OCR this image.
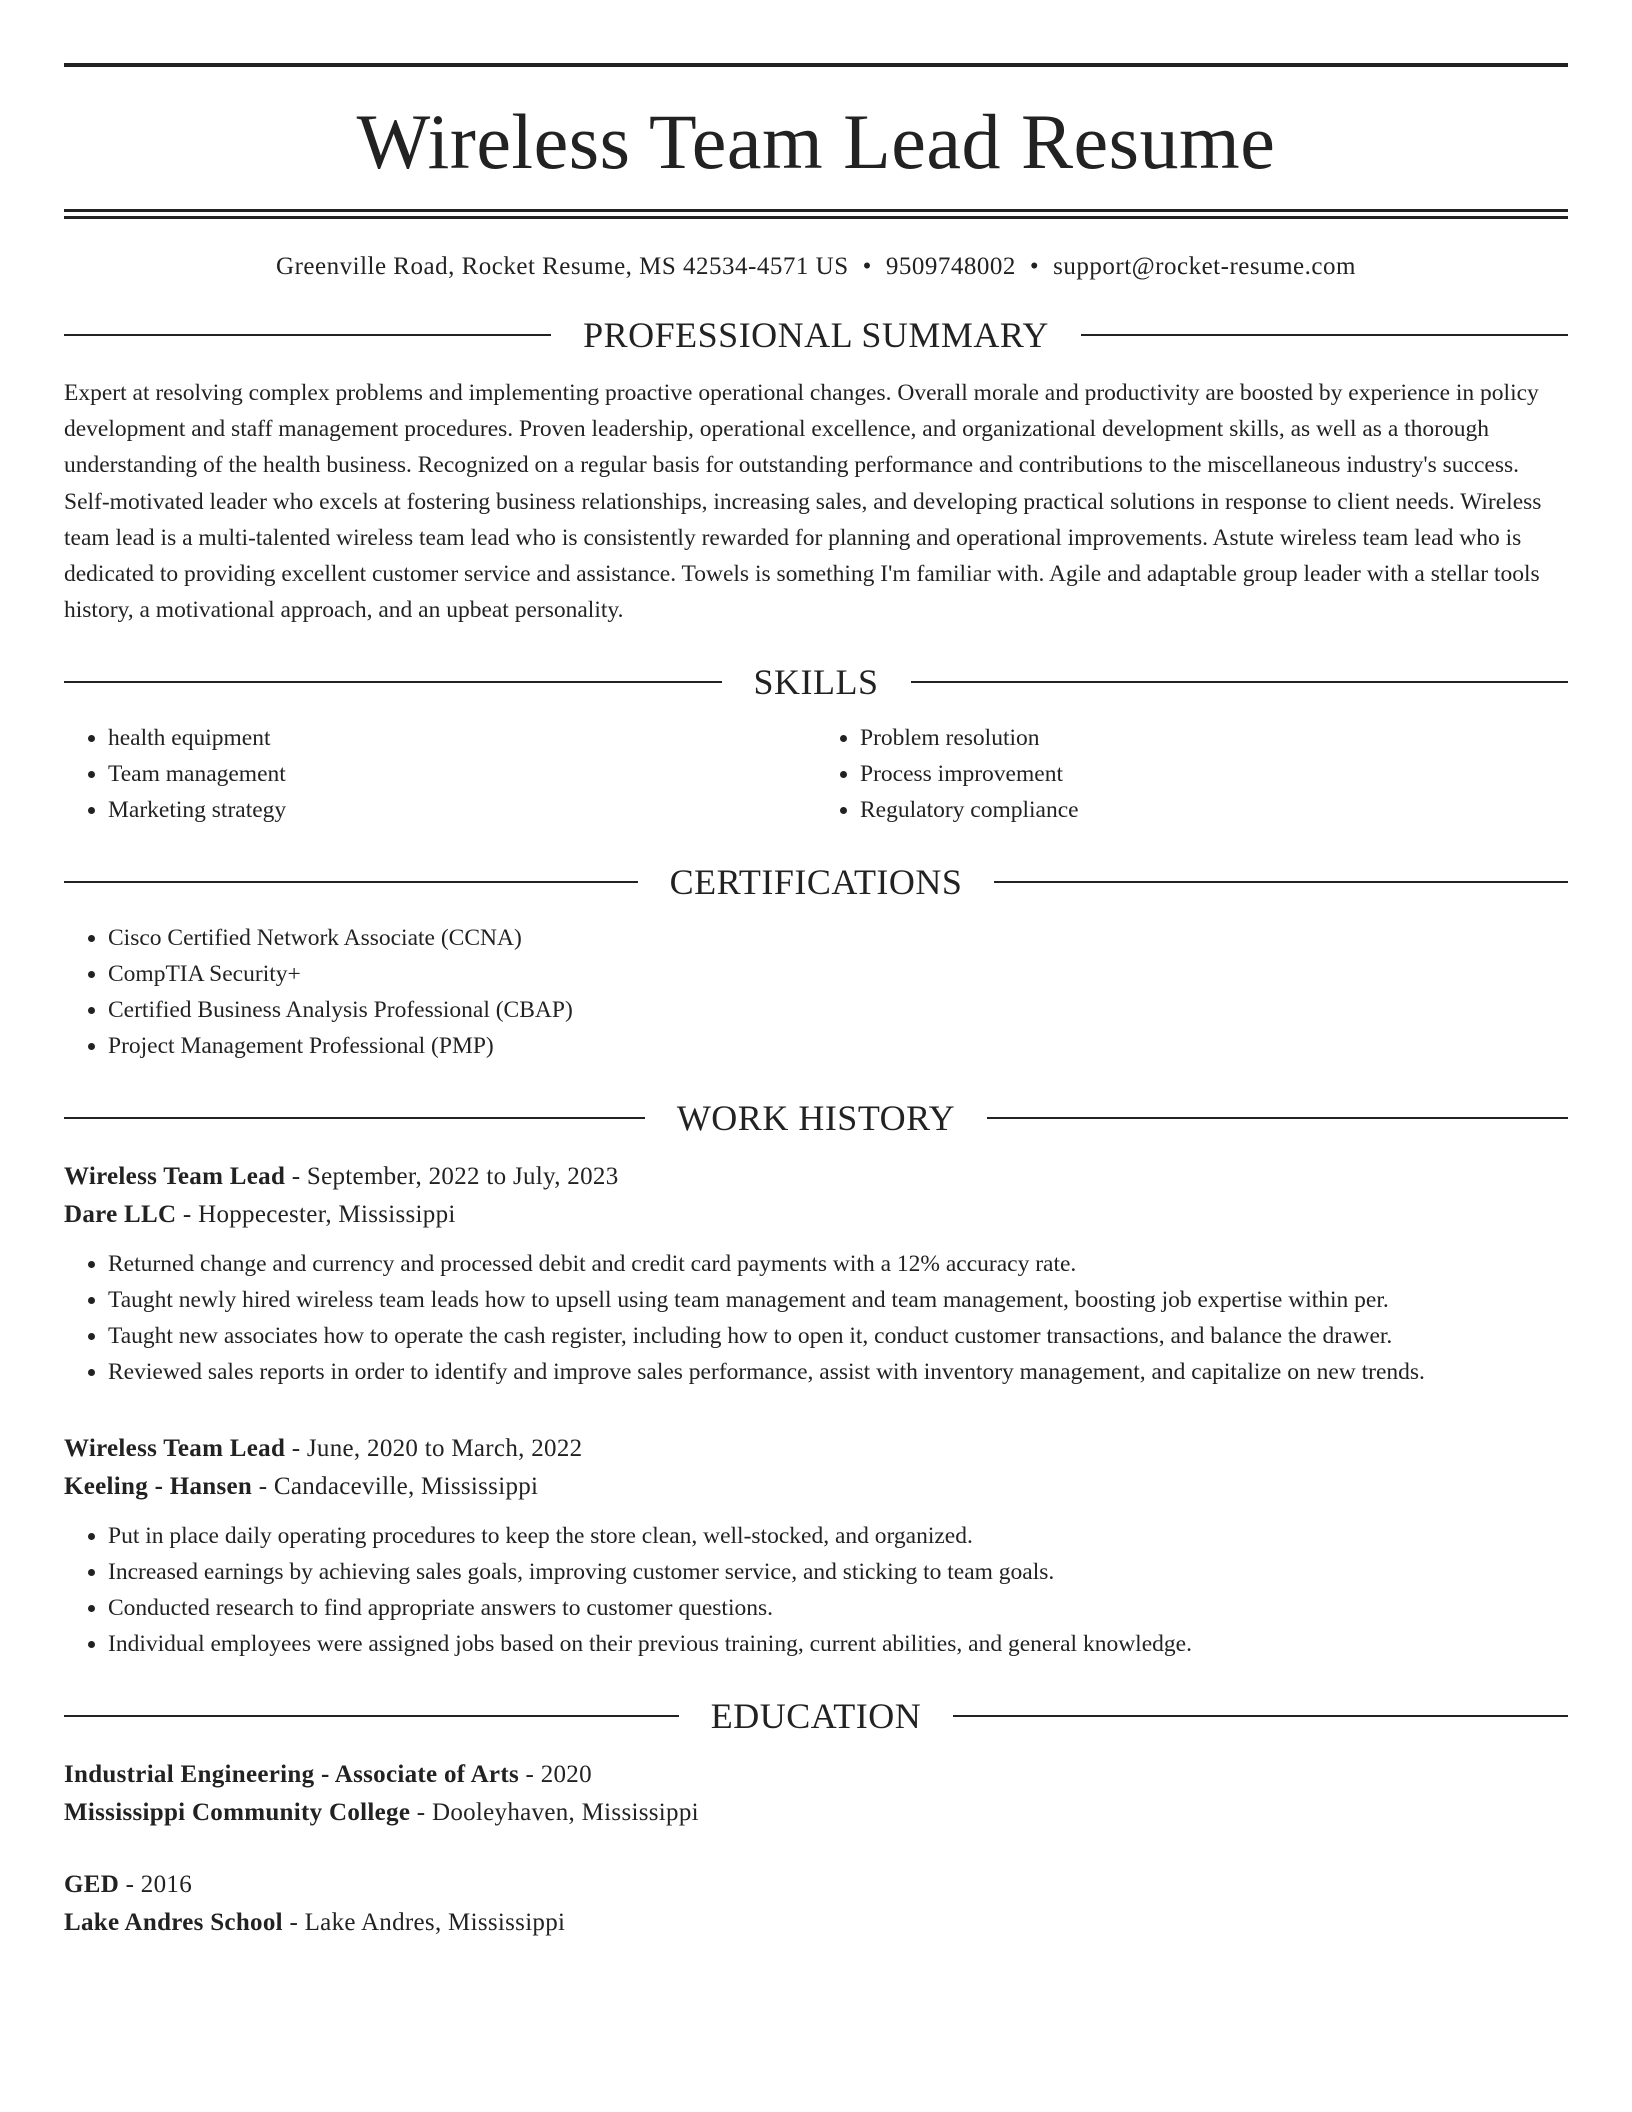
Wireless Team Lead Resume
Greenville Road, Rocket Resume, MS 42534-4571 US • 9509748002 • support@rocket-resume.com
PROFESSIONAL SUMMARY
Expert at resolving complex problems and implementing proactive operational changes. Overall morale and productivity are boosted by experience in policy development and staff management procedures. Proven leadership, operational excellence, and organizational development skills, as well as a thorough understanding of the health business. Recognized on a regular basis for outstanding performance and contributions to the miscellaneous industry's success. Self-motivated leader who excels at fostering business relationships, increasing sales, and developing practical solutions in response to client needs. Wireless team lead is a multi-talented wireless team lead who is consistently rewarded for planning and operational improvements. Astute wireless team lead who is dedicated to providing excellent customer service and assistance. Towels is something I'm familiar with. Agile and adaptable group leader with a stellar tools history, a motivational approach, and an upbeat personality.
SKILLS
• health equipment
• Team management
• Marketing strategy
• Problem resolution
• Process improvement
• Regulatory compliance
CERTIFICATIONS
• Cisco Certified Network Associate (CCNA)
• CompTIA Security+
• Certified Business Analysis Professional (CBAP)
• Project Management Professional (PMP)
WORK HISTORY
Wireless Team Lead - September, 2022 to July, 2023
Dare LLC - Hoppecester, Mississippi
• Returned change and currency and processed debit and credit card payments with a 12% accuracy rate.
• Taught newly hired wireless team leads how to upsell using team management and team management, boosting job expertise within per.
• Taught new associates how to operate the cash register, including how to open it, conduct customer transactions, and balance the drawer.
• Reviewed sales reports in order to identify and improve sales performance, assist with inventory management, and capitalize on new trends.
Wireless Team Lead - June, 2020 to March, 2022
Keeling - Hansen - Candaceville, Mississippi
• Put in place daily operating procedures to keep the store clean, well-stocked, and organized.
• Increased earnings by achieving sales goals, improving customer service, and sticking to team goals.
• Conducted research to find appropriate answers to customer questions.
• Individual employees were assigned jobs based on their previous training, current abilities, and general knowledge.
EDUCATION
Industrial Engineering - Associate of Arts - 2020
Mississippi Community College - Dooleyhaven, Mississippi
GED - 2016
Lake Andres School - Lake Andres, Mississippi
